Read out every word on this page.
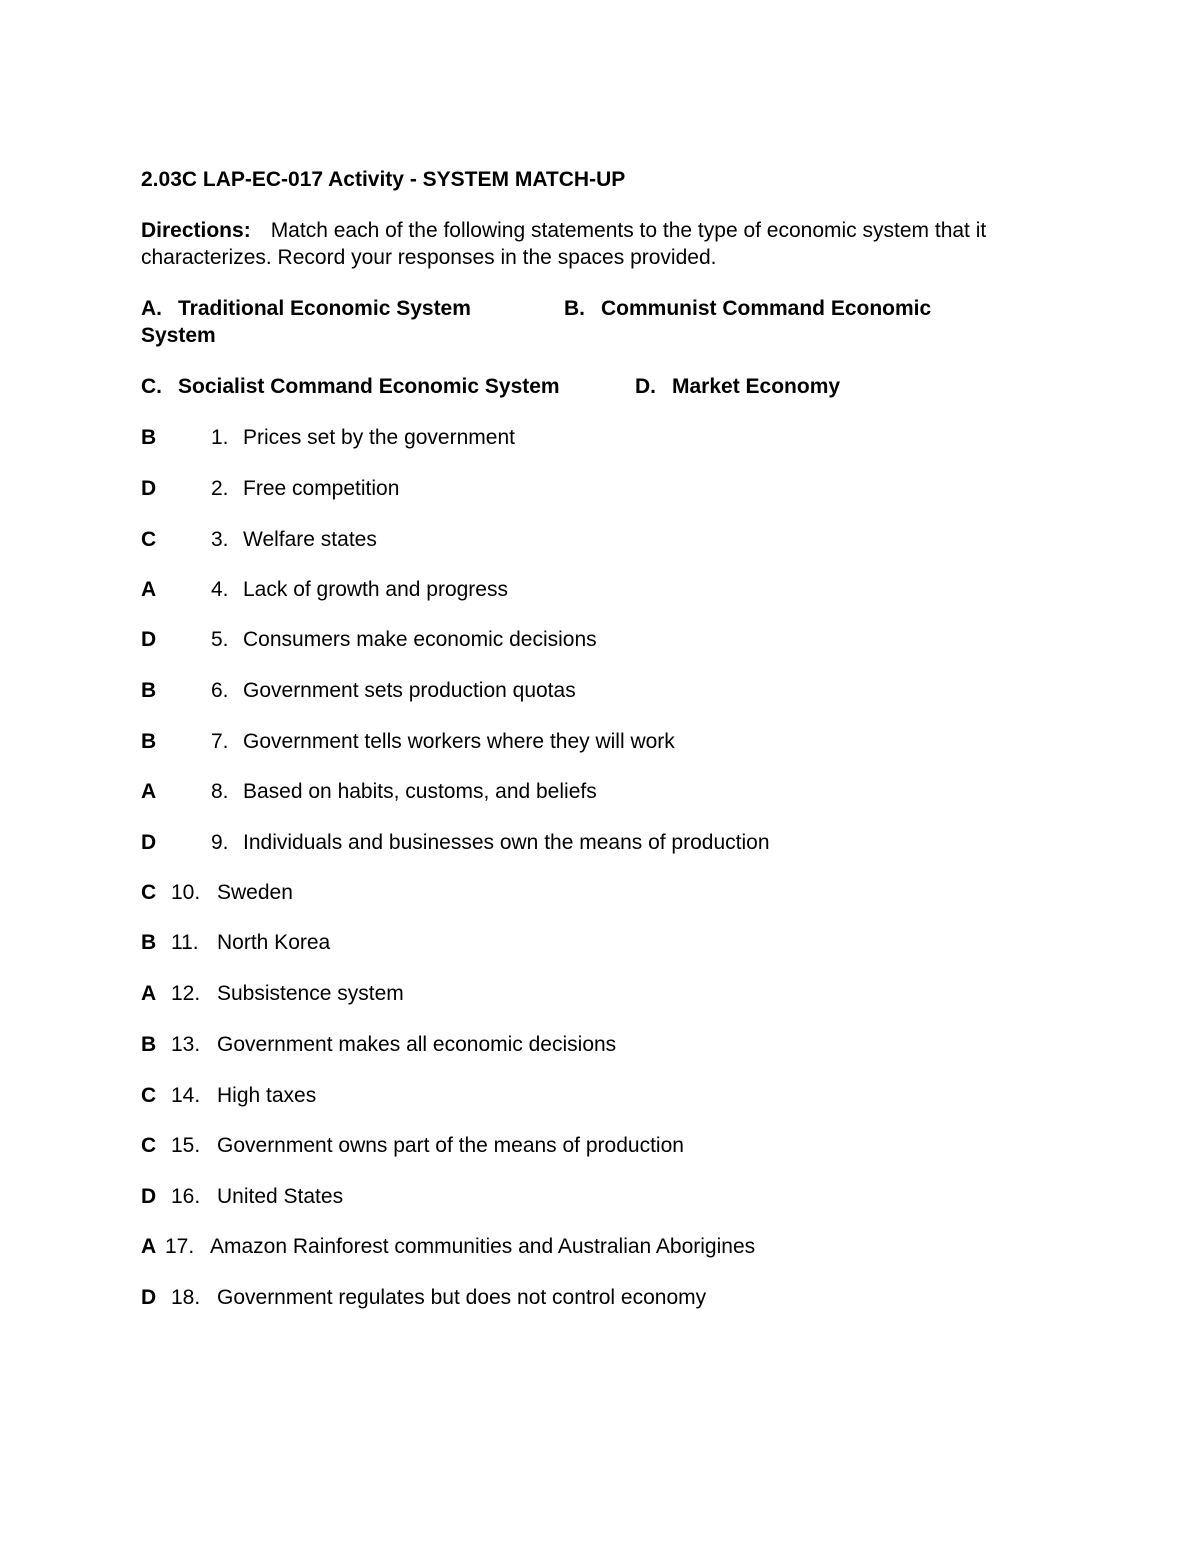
2.03C LAP-EC-017 Activity - SYSTEM MATCH-UP
Directions: Match each of the following statements to the type of economic system that it characterizes. Record your responses in the spaces provided.
A. Traditional Economic System	B. Communist Command Economic
System
C. Socialist Command Economic System	D. Market Economy
B	1. Prices set by the government
D	2. Free competition
C	3. Welfare states
A	4. Lack of growth and progress
D	5. Consumers make economic decisions
B	6. Government sets production quotas
B	7. Government tells workers where they will work
A	8. Based on habits, customs, and beliefs
D	9. Individuals and businesses own the means of production
C 10. Sweden
B 11. North Korea
A 12. Subsistence system
B 13. Government makes all economic decisions
C 14. High taxes
C 15. Government owns part of the means of production
D 16. United States
A 17. Amazon Rainforest communities and Australian Aborigines
D 18. Government regulates but does not control economy
